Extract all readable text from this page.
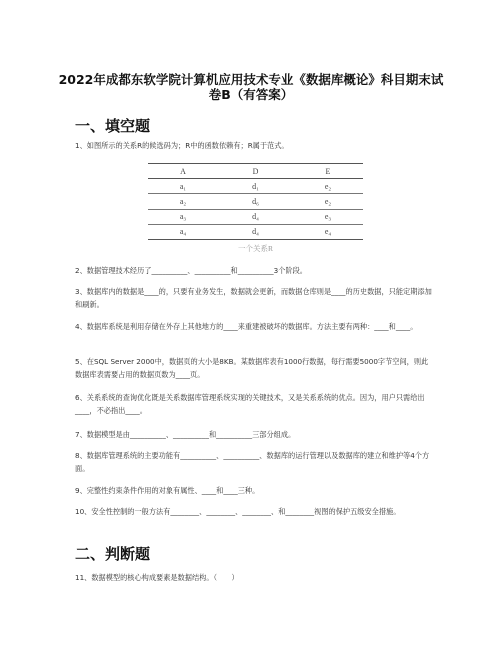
2022年成都东软学院计算机应用技术专业《数据库概论》科目期末试
卷B（有答案）
一、填空题
1、如图所示的关系R的候选码为；R中的函数依赖有；R属于范式。
A	D	E
a₁	d₁	e₂
a₂	d₆	e₂
a₃	d₄	e₃
a₄	d₄	e₄
一个关系R
2、数据管理技术经历了__________、__________和__________3个阶段。
3、数据库内的数据是____的，只要有业务发生，数据就会更新，而数据仓库则是____的历史数据，只能定期添加和刷新。
4、数据库系统是利用存储在外存上其他地方的____来重建被破坏的数据库。方法主要有两种：____和____。
5、在SQL Server 2000中，数据页的大小是8KB。某数据库表有1000行数据，每行需要5000字节空间，则此数据库表需要占用的数据页数为____页。
6、关系系统的查询优化既是关系数据库管理系统实现的关键技术，又是关系系统的优点。因为，用户只需给出____，不必指出____。
7、数据模型是由__________、__________和__________三部分组成。
8、数据库管理系统的主要功能有__________、__________、数据库的运行管理以及数据库的建立和维护等4个方面。
9、完整性约束条件作用的对象有属性、____和____三种。
10、安全性控制的一般方法有________、________、________、和________视图的保护五级安全措施。
二、判断题
11、数据模型的核心构成要素是数据结构。（　　）
